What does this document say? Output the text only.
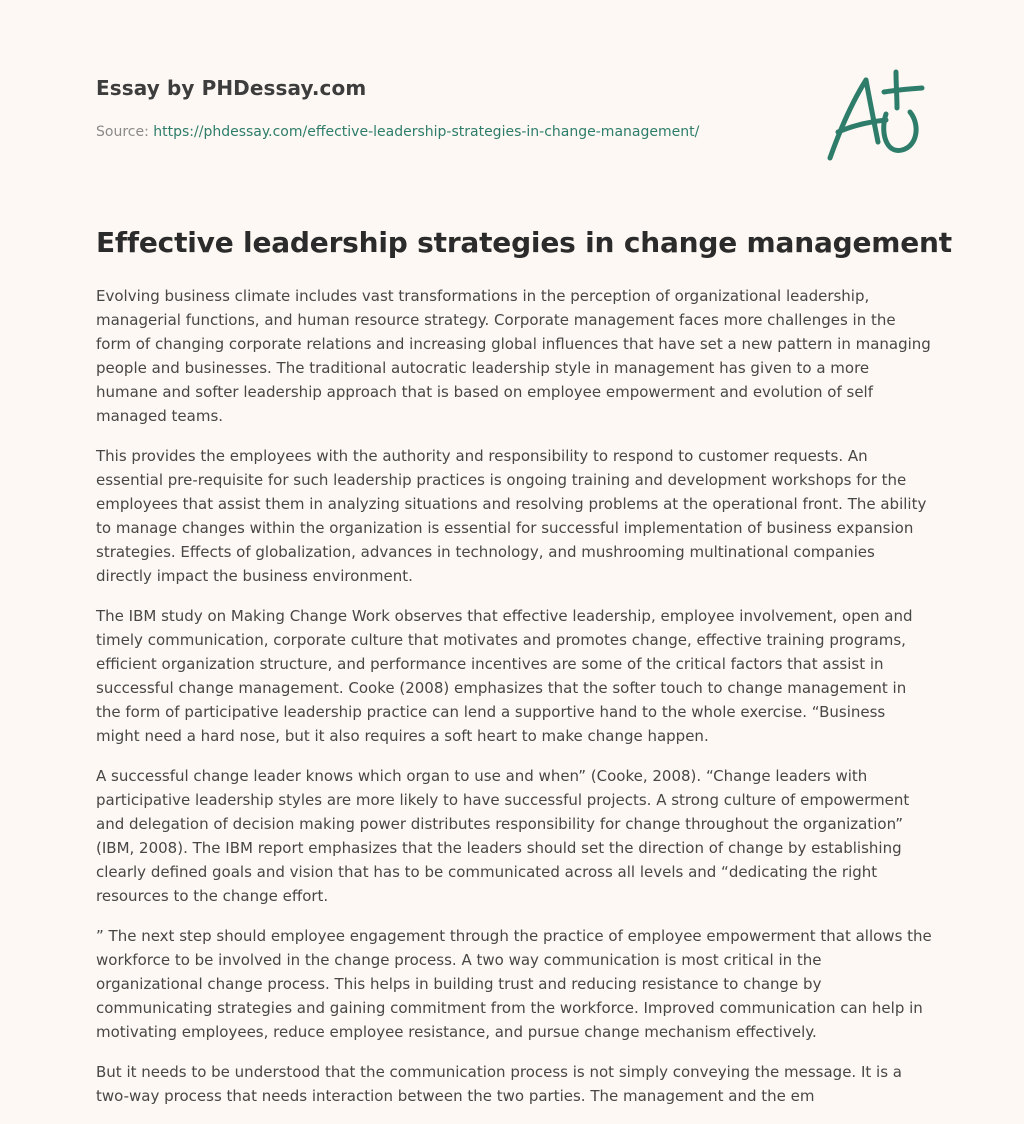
Essay by PHDessay.com
Source: https://phdessay.com/effective-leadership-strategies-in-change-management/
Effective leadership strategies in change management

Evolving business climate includes vast transformations in the perception of organizational leadership, managerial functions, and human resource strategy. Corporate management faces more challenges in the form of changing corporate relations and increasing global influences that have set a new pattern in managing people and businesses. The traditional autocratic leadership style in management has given to a more humane and softer leadership approach that is based on employee empowerment and evolution of self managed teams.

This provides the employees with the authority and responsibility to respond to customer requests. An essential pre-requisite for such leadership practices is ongoing training and development workshops for the employees that assist them in analyzing situations and resolving problems at the operational front. The ability to manage changes within the organization is essential for successful implementation of business expansion strategies. Effects of globalization, advances in technology, and mushrooming multinational companies directly impact the business environment.

The IBM study on Making Change Work observes that effective leadership, employee involvement, open and timely communication, corporate culture that motivates and promotes change, effective training programs, efficient organization structure, and performance incentives are some of the critical factors that assist in successful change management. Cooke (2008) emphasizes that the softer touch to change management in the form of participative leadership practice can lend a supportive hand to the whole exercise. “Business might need a hard nose, but it also requires a soft heart to make change happen.

A successful change leader knows which organ to use and when” (Cooke, 2008). “Change leaders with participative leadership styles are more likely to have successful projects. A strong culture of empowerment and delegation of decision making power distributes responsibility for change throughout the organization” (IBM, 2008). The IBM report emphasizes that the leaders should set the direction of change by establishing clearly defined goals and vision that has to be communicated across all levels and “dedicating the right resources to the change effort.

” The next step should employee engagement through the practice of employee empowerment that allows the workforce to be involved in the change process. A two way communication is most critical in the organizational change process. This helps in building trust and reducing resistance to change by communicating strategies and gaining commitment from the workforce. Improved communication can help in motivating employees, reduce employee resistance, and pursue change mechanism effectively.

But it needs to be understood that the communication process is not simply conveying the message. It is a two-way process that needs interaction between the two parties. The management and the em
